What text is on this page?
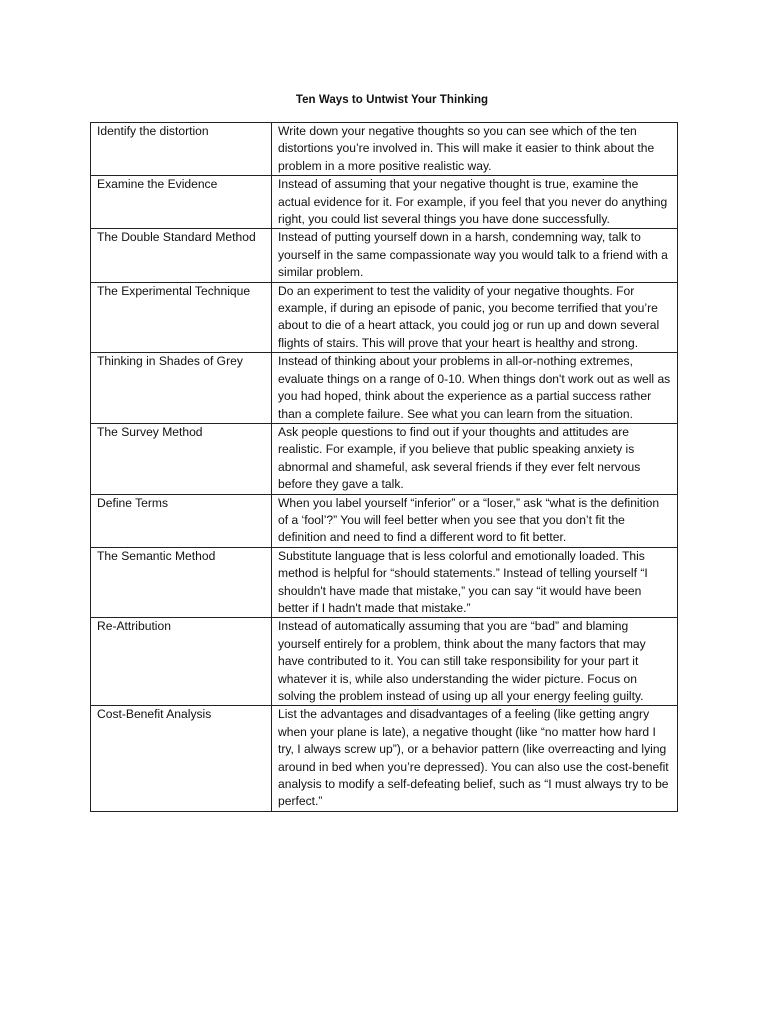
Ten Ways to Untwist Your Thinking
Identify the distortion	Write down your negative thoughts so you can see which of the ten distortions you’re involved in. This will make it easier to think about the problem in a more positive realistic way.
Examine the Evidence	Instead of assuming that your negative thought is true, examine the actual evidence for it. For example, if you feel that you never do anything right, you could list several things you have done successfully.
The Double Standard Method	Instead of putting yourself down in a harsh, condemning way, talk to yourself in the same compassionate way you would talk to a friend with a similar problem.
The Experimental Technique	Do an experiment to test the validity of your negative thoughts. For example, if during an episode of panic, you become terrified that you’re about to die of a heart attack, you could jog or run up and down several flights of stairs. This will prove that your heart is healthy and strong.
Thinking in Shades of Grey	Instead of thinking about your problems in all-or-nothing extremes, evaluate things on a range of 0-10. When things don't work out as well as you had hoped, think about the experience as a partial success rather than a complete failure. See what you can learn from the situation.
The Survey Method	Ask people questions to find out if your thoughts and attitudes are realistic. For example, if you believe that public speaking anxiety is abnormal and shameful, ask several friends if they ever felt nervous before they gave a talk.
Define Terms	When you label yourself “inferior” or a “loser,” ask “what is the definition of a ‘fool’?” You will feel better when you see that you don’t fit the definition and need to find a different word to fit better.
The Semantic Method	Substitute language that is less colorful and emotionally loaded. This method is helpful for “should statements.” Instead of telling yourself “I shouldn't have made that mistake,” you can say “it would have been better if I hadn't made that mistake.”
Re-Attribution	Instead of automatically assuming that you are “bad” and blaming yourself entirely for a problem, think about the many factors that may have contributed to it. You can still take responsibility for your part it whatever it is, while also understanding the wider picture. Focus on solving the problem instead of using up all your energy feeling guilty.
Cost-Benefit Analysis	List the advantages and disadvantages of a feeling (like getting angry when your plane is late), a negative thought (like “no matter how hard I try, I always screw up”), or a behavior pattern (like overreacting and lying around in bed when you’re depressed). You can also use the cost-benefit analysis to modify a self-defeating belief, such as “I must always try to be perfect.”
